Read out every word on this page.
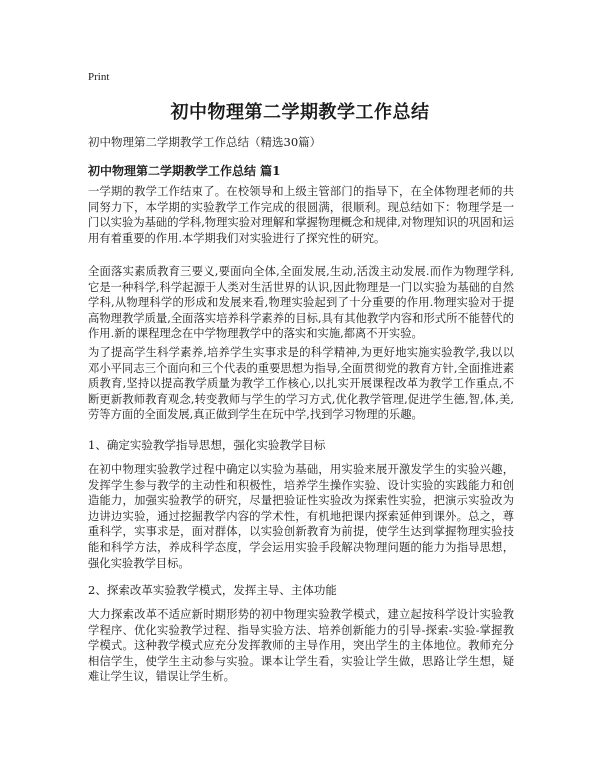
Print
初中物理第二学期教学工作总结
初中物理第二学期教学工作总结（精选30篇）
初中物理第二学期教学工作总结 篇1

一学期的教学工作结束了。在校领导和上级主管部门的指导下，在全体物理老师的共同努力下，本学期的实验教学工作完成的很圆满，很顺利。现总结如下：物理学是一门以实验为基础的学科,物理实验对理解和掌握物理概念和规律,对物理知识的巩固和运用有着重要的作用.本学期我们对实验进行了探究性的研究。

全面落实素质教育三要义,要面向全体,全面发展,生动,活泼主动发展.而作为物理学科,它是一种科学,科学起源于人类对生活世界的认识,因此物理是一门以实验为基础的自然学科,从物理科学的形成和发展来看,物理实验起到了十分重要的作用.物理实验对于提高物理教学质量,全面落实培养科学素养的目标,具有其他教学内容和形式所不能替代的作用.新的课程理念在中学物理教学中的落实和实施,都离不开实验。

为了提高学生科学素养,培养学生实事求是的科学精神,为更好地实施实验教学,我以以邓小平同志三个面向和三个代表的重要思想为指导,全面贯彻党的教育方针,全面推进素质教育,坚持以提高教学质量为教学工作核心,以扎实开展课程改革为教学工作重点,不断更新教师教育观念,转变教师与学生的学习方式,优化教学管理,促进学生德,智,体,美,劳等方面的全面发展,真正做到学生在玩中学,找到学习物理的乐趣。

1、确定实验教学指导思想，强化实验教学目标

在初中物理实验教学过程中确定以实验为基础，用实验来展开激发学生的实验兴趣，发挥学生参与教学的主动性和积极性，培养学生操作实验、设计实验的实践能力和创造能力，加强实验教学的研究，尽量把验证性实验改为探索性实验，把演示实验改为边讲边实验，通过挖掘教学内容的学术性，有机地把课内探索延伸到课外。总之，尊重科学，实事求是，面对群体，以实验创新教育为前提，使学生达到掌握物理实验技能和科学方法，养成科学态度，学会运用实验手段解决物理问题的能力为指导思想，强化实验教学目标。

2、探索改革实验教学模式，发挥主导、主体功能

大力探索改革不适应新时期形势的初中物理实验教学模式，建立起按科学设计实验教学程序、优化实验教学过程、指导实验方法、培养创新能力的引导-探索-实验-掌握教学模式。这种教学模式应充分发挥教师的主导作用，突出学生的主体地位。教师充分相信学生，使学生主动参与实验。课本让学生看，实验让学生做，思路让学生想，疑难让学生议，错误让学生析。
